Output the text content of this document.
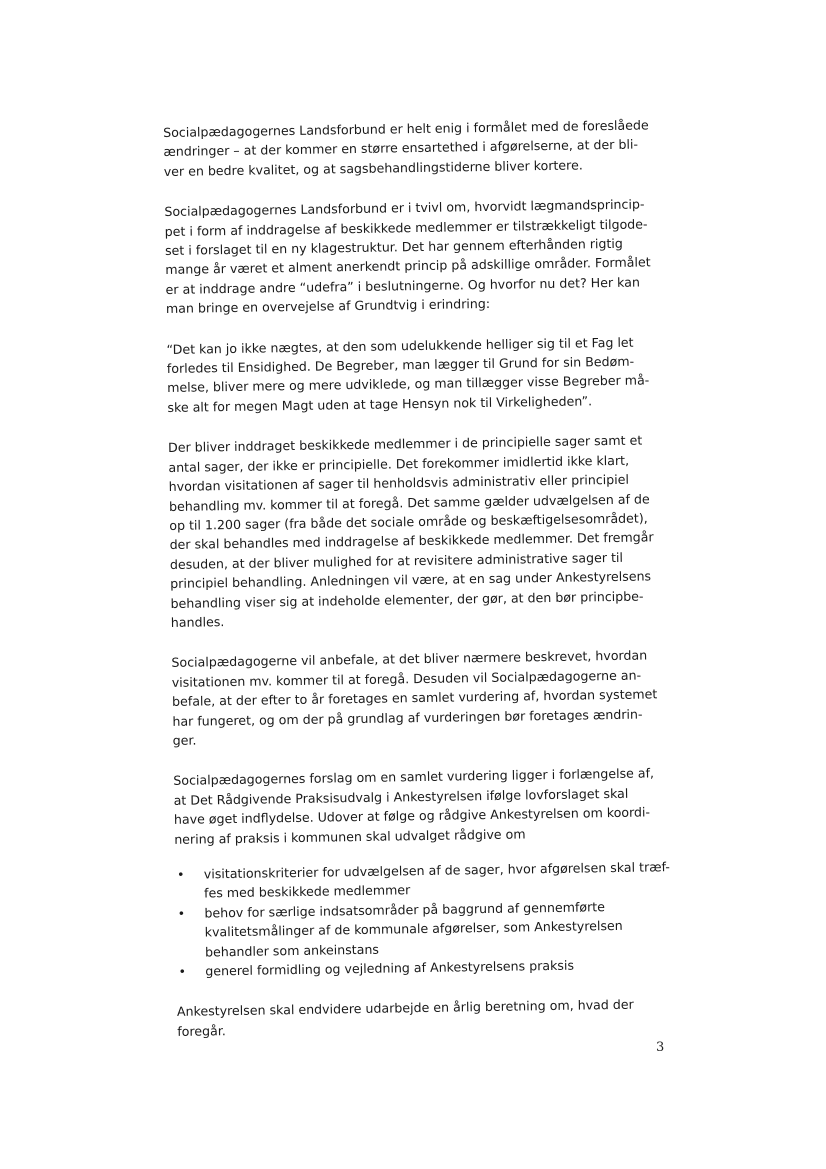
Socialpædagogernes Landsforbund er helt enig i formålet med de foreslåede
ændringer – at der kommer en større ensartethed i afgørelserne, at der bli-
ver en bedre kvalitet, og at sagsbehandlingstiderne bliver kortere.

Socialpædagogernes Landsforbund er i tvivl om, hvorvidt lægmandsprincip-
pet i form af inddragelse af beskikkede medlemmer er tilstrækkeligt tilgode-
set i forslaget til en ny klagestruktur. Det har gennem efterhånden rigtig
mange år været et alment anerkendt princip på adskillige områder. Formålet
er at inddrage andre “udefra” i beslutningerne. Og hvorfor nu det? Her kan
man bringe en overvejelse af Grundtvig i erindring:

“Det kan jo ikke nægtes, at den som udelukkende helliger sig til et Fag let
forledes til Ensidighed. De Begreber, man lægger til Grund for sin Bedøm-
melse, bliver mere og mere udviklede, og man tillægger visse Begreber må-
ske alt for megen Magt uden at tage Hensyn nok til Virkeligheden”.

Der bliver inddraget beskikkede medlemmer i de principielle sager samt et
antal sager, der ikke er principielle. Det forekommer imidlertid ikke klart,
hvordan visitationen af sager til henholdsvis administrativ eller principiel
behandling mv. kommer til at foregå. Det samme gælder udvælgelsen af de
op til 1.200 sager (fra både det sociale område og beskæftigelsesområdet),
der skal behandles med inddragelse af beskikkede medlemmer. Det fremgår
desuden, at der bliver mulighed for at revisitere administrative sager til
principiel behandling. Anledningen vil være, at en sag under Ankestyrelsens
behandling viser sig at indeholde elementer, der gør, at den bør principbe-
handles.

Socialpædagogerne vil anbefale, at det bliver nærmere beskrevet, hvordan
visitationen mv. kommer til at foregå. Desuden vil Socialpædagogerne an-
befale, at der efter to år foretages en samlet vurdering af, hvordan systemet
har fungeret, og om der på grundlag af vurderingen bør foretages ændrin-
ger.

Socialpædagogernes forslag om en samlet vurdering ligger i forlængelse af,
at Det Rådgivende Praksisudvalg i Ankestyrelsen ifølge lovforslaget skal
have øget indflydelse. Udover at følge og rådgive Ankestyrelsen om koordi-
nering af praksis i kommunen skal udvalget rådgive om

• visitationskriterier for udvælgelsen af de sager, hvor afgørelsen skal træf-
fes med beskikkede medlemmer
• behov for særlige indsatsområder på baggrund af gennemførte
kvalitetsmålinger af de kommunale afgørelser, som Ankestyrelsen
behandler som ankeinstans
• generel formidling og vejledning af Ankestyrelsens praksis

Ankestyrelsen skal endvidere udarbejde en årlig beretning om, hvad der
foregår.

3
